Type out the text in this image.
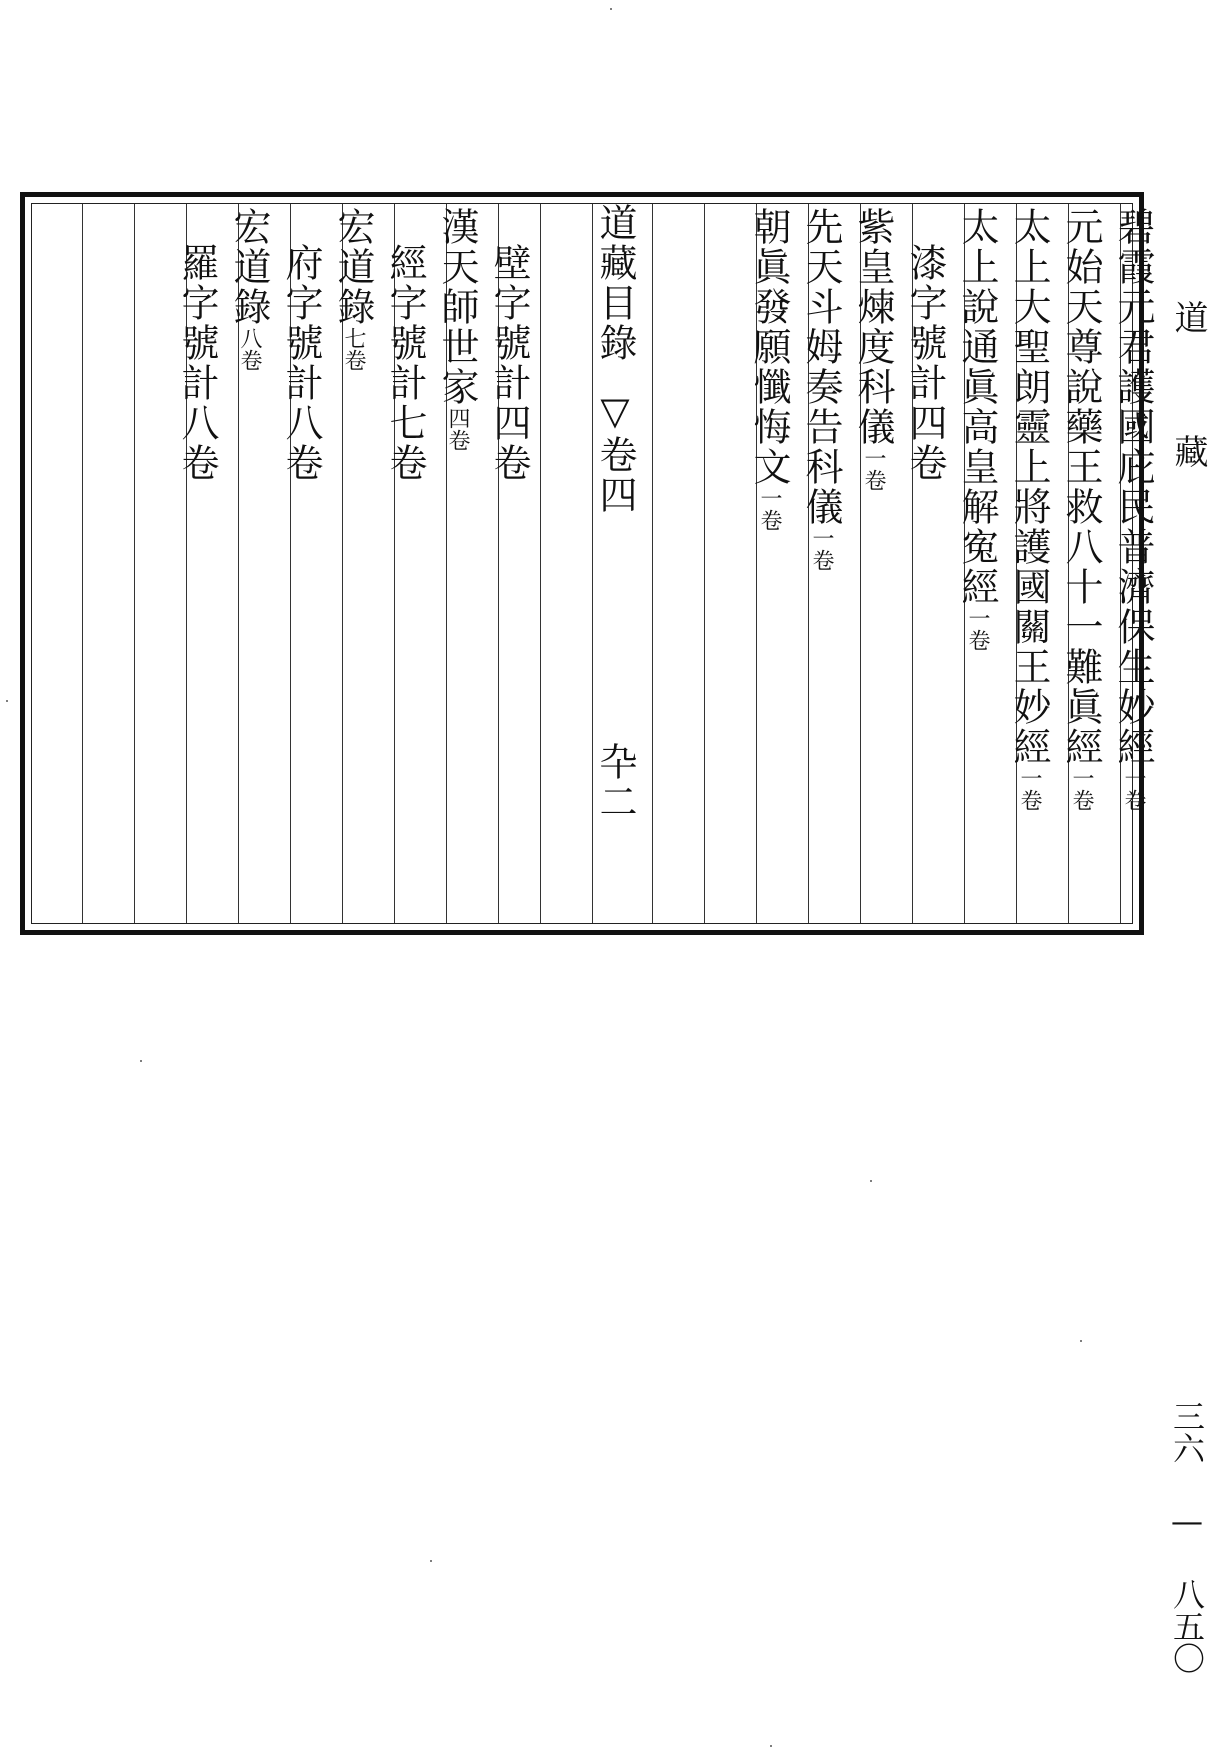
碧霞元君護國庇民普濟保生妙經一卷
元始天尊說藥王救八十一難眞經一卷
太上大聖朗靈上將護國關王妙經一卷
太上說通眞高皇解寃經一卷
漆字號計四卷
紫皇煉度科儀一卷
先天斗姆奏告科儀一卷
朝眞發願懺悔文一卷
道藏目錄▽卷四
卆二
壁字號計四卷
漢天師世家四卷
經字號計七卷
宏道錄七卷
府字號計八卷
宏道錄八卷
羅字號計八卷	道 藏
三六 — 八五〇
